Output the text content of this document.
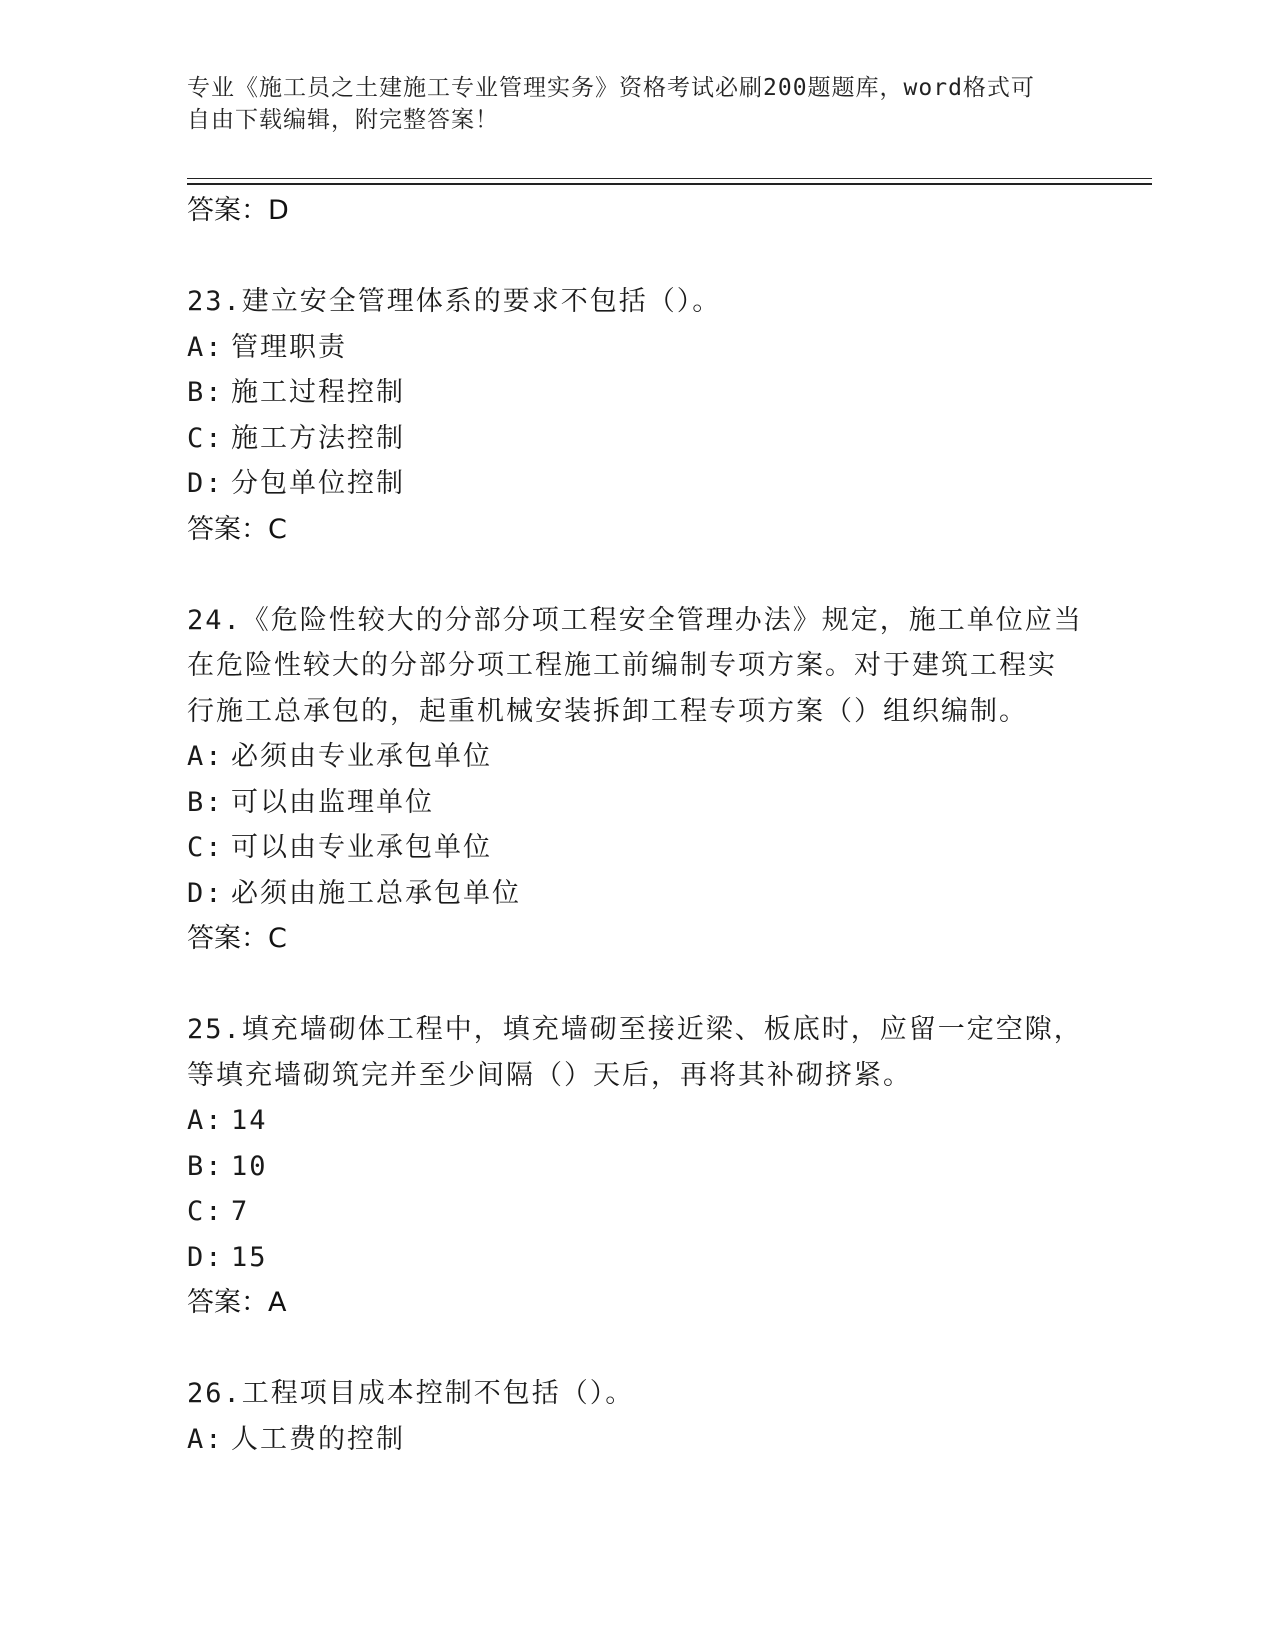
专业《施工员之土建施工专业管理实务》资格考试必刷200题题库，word格式可
自由下载编辑，附完整答案！
答案：D
23.建立安全管理体系的要求不包括（）。
A: 管理职责
B: 施工过程控制
C: 施工方法控制
D: 分包单位控制
答案：C
24.《危险性较大的分部分项工程安全管理办法》规定，施工单位应当
在危险性较大的分部分项工程施工前编制专项方案。对于建筑工程实
行施工总承包的，起重机械安装拆卸工程专项方案（）组织编制。
A: 必须由专业承包单位
B: 可以由监理单位
C: 可以由专业承包单位
D: 必须由施工总承包单位
答案：C
25.填充墙砌体工程中，填充墙砌至接近梁、板底时，应留一定空隙，
等填充墙砌筑完并至少间隔（）天后，再将其补砌挤紧。
A: 14
B: 10
C: 7
D: 15
答案：A
26.工程项目成本控制不包括（）。
A: 人工费的控制
